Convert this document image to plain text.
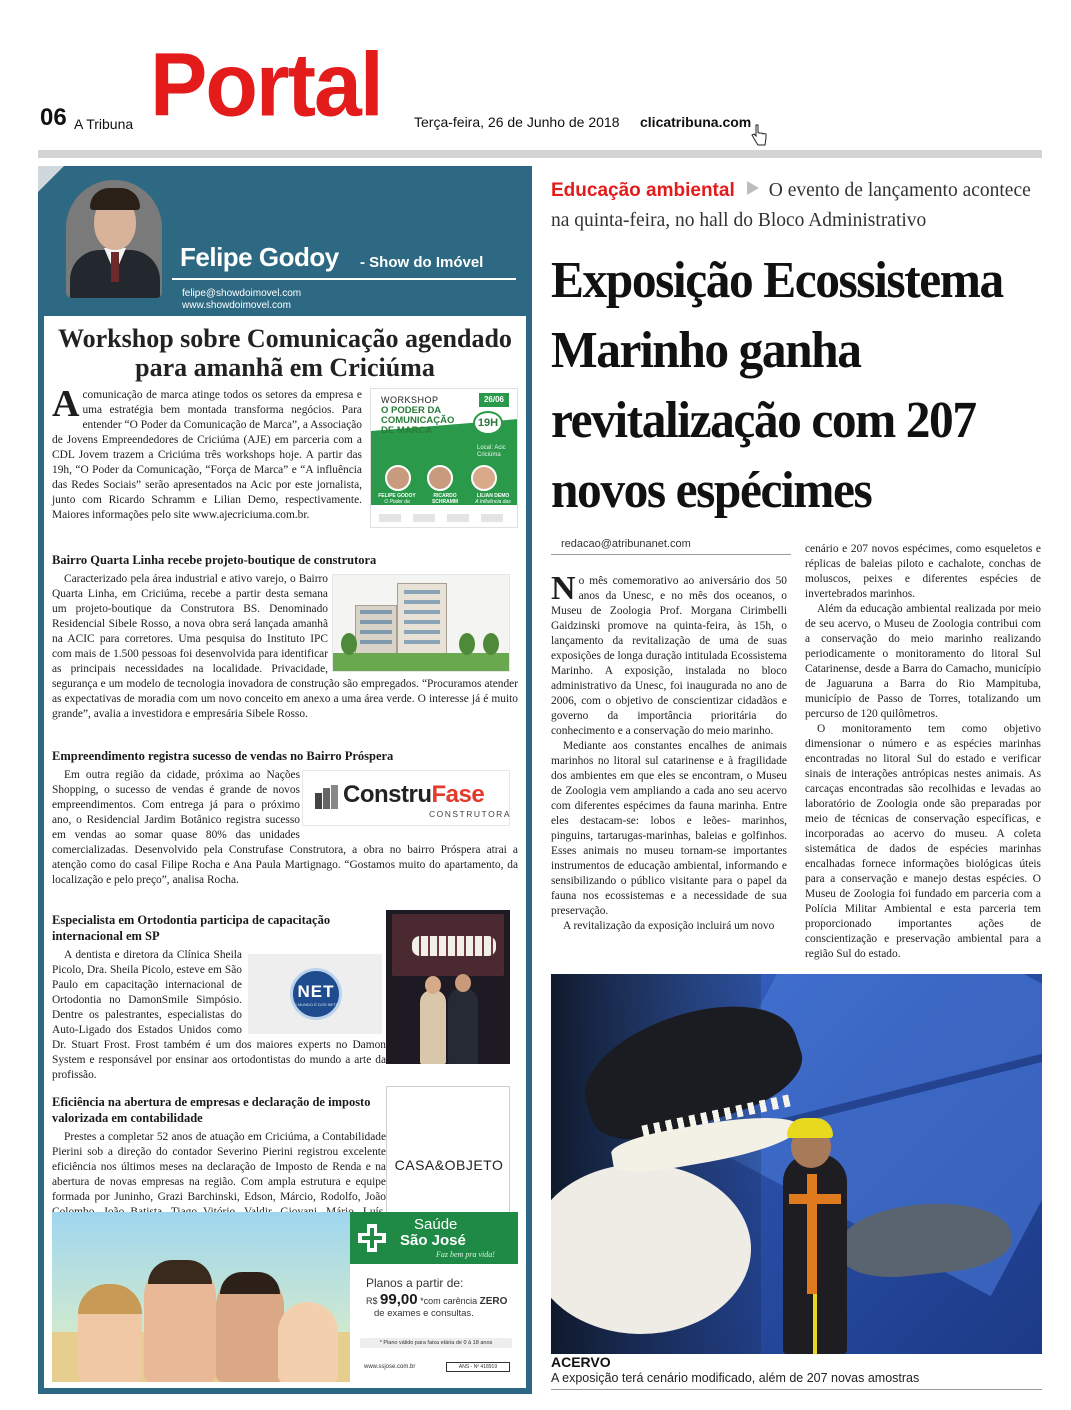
06 A Tribuna Portal Terça-feira, 26 de Junho de 2018 clicatribuna.com
Felipe Godoy - Show do Imóvel
felipe@showdoimovel.com
www.showdoimovel.com
Workshop sobre Comunicação agendado para amanhã em Criciúma

Acomunicação de marca atinge todos os setores da empresa e uma estratégia bem montada transforma negócios. Para entender “O Poder da Comunicação de Marca”, a Associação de Jovens Empreendedores de Criciúma (AJE) em parceria com a CDL Jovem trazem a Criciúma três workshops hoje. A partir das 19h, “O Poder da Comunicação, “Força de Marca” e “A influência das Redes Sociais” serão apresentados na Acic por este jornalista, junto com Ricardo Schramm e Lilian Demo, respectivamente. Maiores informações pelo site www.ajecriciuma.com.br.

WORKSHOP
O PODER DA COMUNICAÇÃO DE MARCA
26/06
19H
Local: Acic Criciúma
FELIPE GODOY
O Poder da
RICARDO SCHRAMM

LILIAN DEMO
A Influência das
Bairro Quarta Linha recebe projeto-boutique de construtora

Caracterizado pela área industrial e ativo varejo, o Bairro Quarta Linha, em Criciúma, recebe a partir desta semana um projeto-boutique da Construtora BS. Denominado Residencial Sibele Rosso, a nova obra será lançada amanhã na ACIC para corretores. Uma pesquisa do Instituto IPC com mais de 1.500 pessoas foi desenvolvida para identificar as principais necessidades na localidade. Privacidade, segurança e um modelo de tecnologia inovadora de construção são empregados. “Procuramos atender as expectativas de moradia com um novo conceito em anexo a uma área verde. O interesse já é muito grande”, avalia a investidora e empresária Sibele Rosso.

Empreendimento registra sucesso de vendas no Bairro Próspera
ConstruFase
CONSTRUTORA

Em outra região da cidade, próxima ao Nações Shopping, o sucesso de vendas é grande de novos empreendimentos. Com entrega já para o próximo ano, o Residencial Jardim Botânico registra sucesso em vendas ao somar quase 80% das unidades comercializadas. Desenvolvido pela Construfase Construtora, a obra no bairro Próspera atrai a atenção como do casal Filipe Rocha e Ana Paula Martignago. “Gostamos muito do apartamento, da localização e pelo preço”, analisa Rocha.

Especialista em Ortodontia participa de capacitação internacional em SP
NET
O MUNDO É DOS NETS

A dentista e diretora da Clínica Sheila Picolo, Dra. Sheila Picolo, esteve em São Paulo em capacitação internacional de Ortodontia no DamonSmile Simpósio. Dentre os palestrantes, especialistas do Auto-Ligado dos Estados Unidos como Dr. Stuart Frost. Frost também é um dos maiores experts no Damon System e responsável por ensinar aos ortodontistas do mundo a arte da profissão.

CASA&OBJETO
Eficiência na abertura de empresas e declaração de imposto valorizada em contabilidade

Prestes a completar 52 anos de atuação em Criciúma, a Contabilidade Pierini sob a direção do contador Severino Pierini registrou excelente eficiência nos últimos meses na declaração de Imposto de Renda e na abertura de novas empresas na região. Com ampla estrutura e equipe formada por Juninho, Grazi Barchinski, Edson, Márcio, Rodolfo, João

Saúde
São José
Faz bem pra vida!
Planos a partir de:
R$ 99,00 *com carência ZERO
de exames e consultas.
* Plano válido para faixa etária de 0 à 18 anos
www.ssjose.com.br	ANS - Nº 418919
Educação ambiental O evento de lançamento acontece na quinta-feira, no hall do Bloco Administrativo
Exposição Ecossistema Marinho ganha revitalização com 207 novos espécimes
redacao@atribunanet.com

No mês comemorativo ao aniversário dos 50 anos da Unesc, e no mês dos oceanos, o Museu de Zoologia Prof. Morgana Cirimbelli Gaidzinski promove na quinta-feira, às 15h, o lançamento da revitalização de uma de suas exposições de longa duração intitulada Ecossistema Marinho. A exposição, instalada no bloco administrativo da Unesc, foi inaugurada no ano de 2006, com o objetivo de conscientizar cidadãos e governo da importância prioritária do conhecimento e a conservação do meio marinho.

Mediante aos constantes encalhes de animais marinhos no litoral sul catarinense e à fragilidade dos ambientes em que eles se encontram, o Museu de Zoologia vem ampliando a cada ano seu acervo com diferentes espécimes da fauna marinha. Entre eles destacam-se: lobos e leões- marinhos, pinguins, tartarugas-marinhas, baleias e golfinhos. Esses animais no museu tornam-se importantes instrumentos de educação ambiental, informando e sensibilizando o público visitante para o papel da fauna nos ecossistemas e a necessidade de sua preservação.

A revitalização da exposição incluirá um novo

cenário e 207 novos espécimes, como esqueletos e réplicas de baleias piloto e cachalote, conchas de moluscos, peixes e diferentes espécies de invertebrados marinhos.

Além da educação ambiental realizada por meio de seu acervo, o Museu de Zoologia contribui com a conservação do meio marinho realizando periodicamente o monitoramento do litoral Sul Catarinense, desde a Barra do Camacho, município de Jaguaruna a Barra do Rio Mampituba, município de Passo de Torres, totalizando um percurso de 120 quilômetros.

O monitoramento tem como objetivo dimensionar o número e as espécies marinhas encontradas no litoral Sul do estado e verificar sinais de interações antrópicas nestes animais. As carcaças encontradas são recolhidas e levadas ao laboratório de Zoologia onde são preparadas por meio de técnicas de conservação específicas, e incorporadas ao acervo do museu. A coleta sistemática de dados de espécies marinhas encalhadas fornece informações biológicas úteis para a conservação e manejo destas espécies. O Museu de Zoologia foi fundado em parceria com a Polícia Militar Ambiental e esta parceria tem proporcionado importantes ações de conscientização e preservação ambiental para a região Sul do estado.

ACERVO
A exposição terá cenário modificado, além de 207 novas amostras
